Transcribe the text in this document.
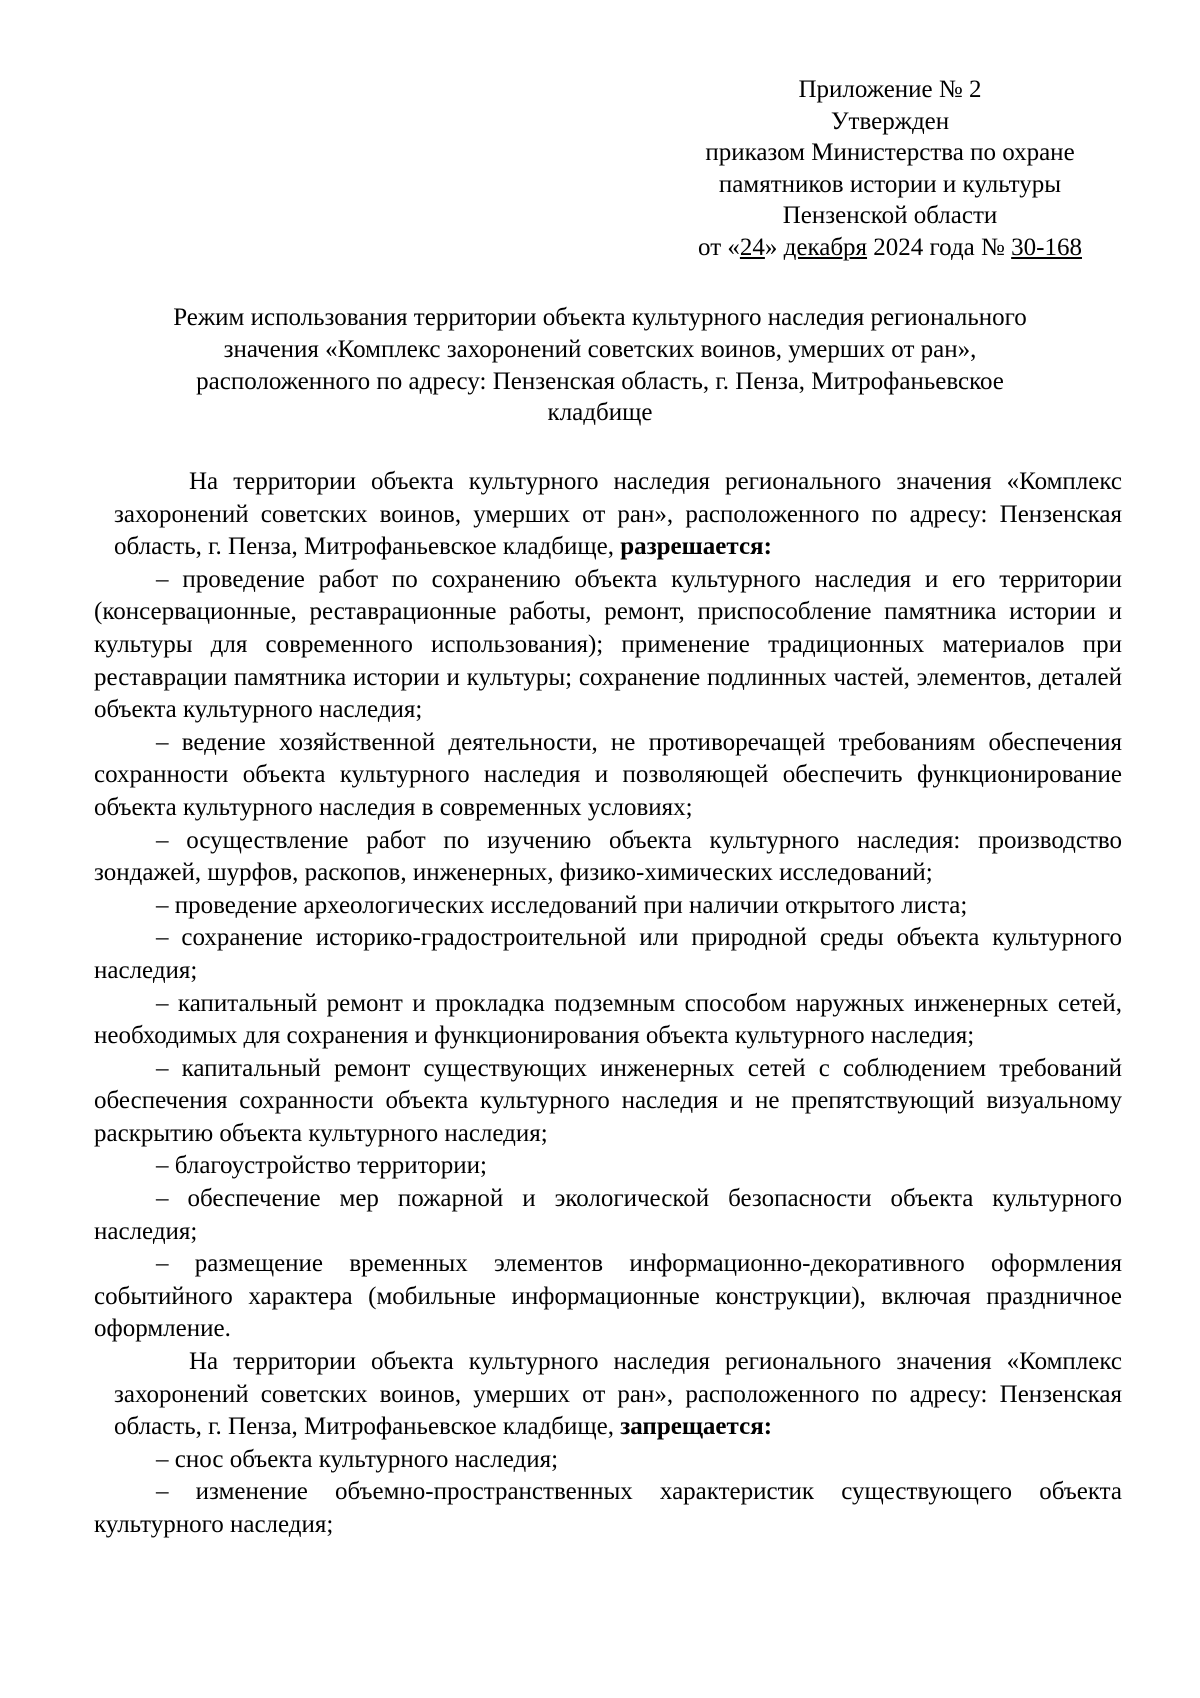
Приложение № 2
Утвержден
приказом Министерства по охране
памятников истории и культуры
Пензенской области
от «24» декабря 2024 года № 30-168
Режим использования территории объекта культурного наследия регионального
значения «Комплекс захоронений советских воинов, умерших от ран»,
расположенного по адресу: Пензенская область, г. Пенза, Митрофаньевское
кладбище

На территории объекта культурного наследия регионального значения «Комплекс захоронений советских воинов, умерших от ран», расположенного по адресу: Пензенская область, г. Пенза, Митрофаньевское кладбище, разрешается:

– проведение работ по сохранению объекта культурного наследия и его территории (консервационные, реставрационные работы, ремонт, приспособление памятника истории и культуры для современного использования); применение традиционных материалов при реставрации памятника истории и культуры; сохранение подлинных частей, элементов, деталей объекта культурного наследия;

– ведение хозяйственной деятельности, не противоречащей требованиям обеспечения сохранности объекта культурного наследия и позволяющей обеспечить функционирование объекта культурного наследия в современных условиях;

– осуществление работ по изучению объекта культурного наследия: производство зондажей, шурфов, раскопов, инженерных, физико-химических исследований;

– проведение археологических исследований при наличии открытого листа;

– сохранение историко-градостроительной или природной среды объекта культурного наследия;

– капитальный ремонт и прокладка подземным способом наружных инженерных сетей, необходимых для сохранения и функционирования объекта культурного наследия;

– капитальный ремонт существующих инженерных сетей с соблюдением требований обеспечения сохранности объекта культурного наследия и не препятствующий визуальному раскрытию объекта культурного наследия;

– благоустройство территории;

– обеспечение мер пожарной и экологической безопасности объекта культурного наследия;

– размещение временных элементов информационно-декоративного оформления событийного характера (мобильные информационные конструкции), включая праздничное оформление.

На территории объекта культурного наследия регионального значения «Комплекс захоронений советских воинов, умерших от ран», расположенного по адресу: Пензенская область, г. Пенза, Митрофаньевское кладбище, запрещается:

– снос объекта культурного наследия;

– изменение объемно-пространственных характеристик существующего объекта культурного наследия;
